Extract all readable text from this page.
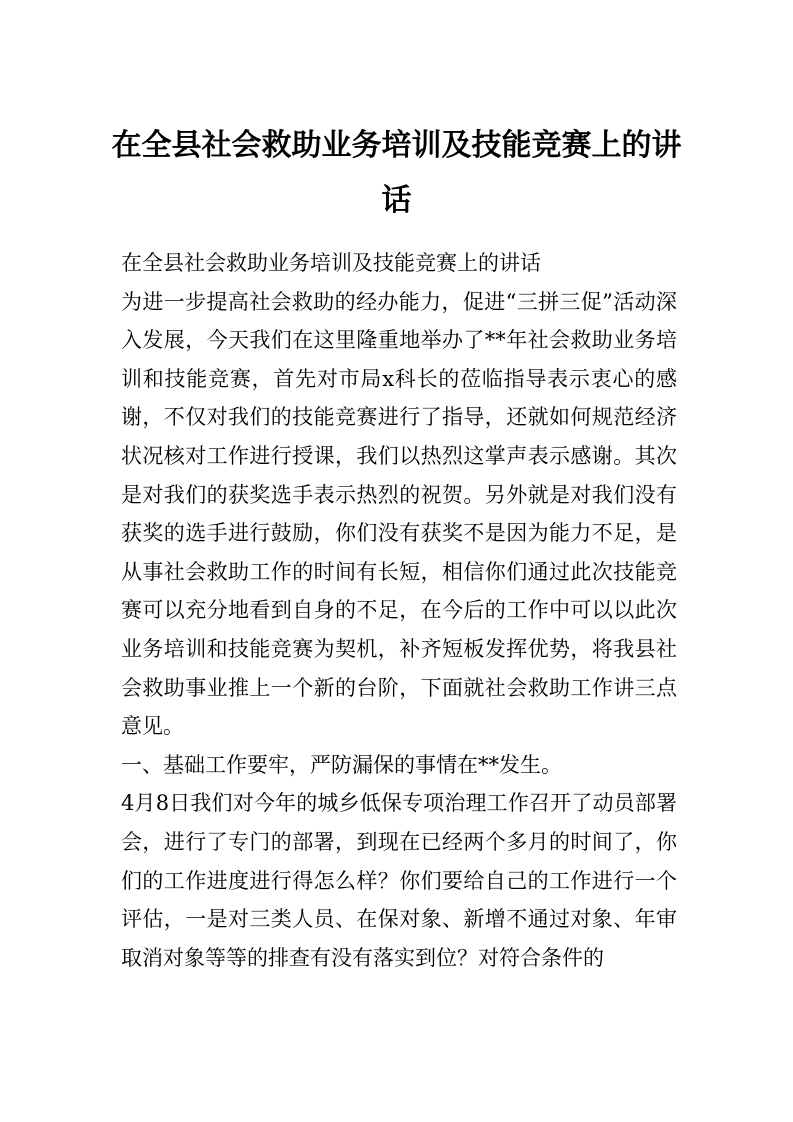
在全县社会救助业务培训及技能竞赛上的讲话

在全县社会救助业务培训及技能竞赛上的讲话

为进一步提高社会救助的经办能力，促进“三拼三促”活动深入发展，今天我们在这里隆重地举办了**年社会救助业务培训和技能竞赛，首先对市局x科长的莅临指导表示衷心的感谢，不仅对我们的技能竞赛进行了指导，还就如何规范经济状况核对工作进行授课，我们以热烈这掌声表示感谢。其次是对我们的获奖选手表示热烈的祝贺。另外就是对我们没有获奖的选手进行鼓励，你们没有获奖不是因为能力不足，是从事社会救助工作的时间有长短，相信你们通过此次技能竞赛可以充分地看到自身的不足，在今后的工作中可以以此次业务培训和技能竞赛为契机，补齐短板发挥优势，将我县社会救助事业推上一个新的台阶，下面就社会救助工作讲三点意见。

一、基础工作要牢，严防漏保的事情在**发生。

4月8日我们对今年的城乡低保专项治理工作召开了动员部署会，进行了专门的部署，到现在已经两个多月的时间了，你们的工作进度进行得怎么样？你们要给自己的工作进行一个评估，一是对三类人员、在保对象、新增不通过对象、年审取消对象等等的排查有没有落实到位？对符合条件的
